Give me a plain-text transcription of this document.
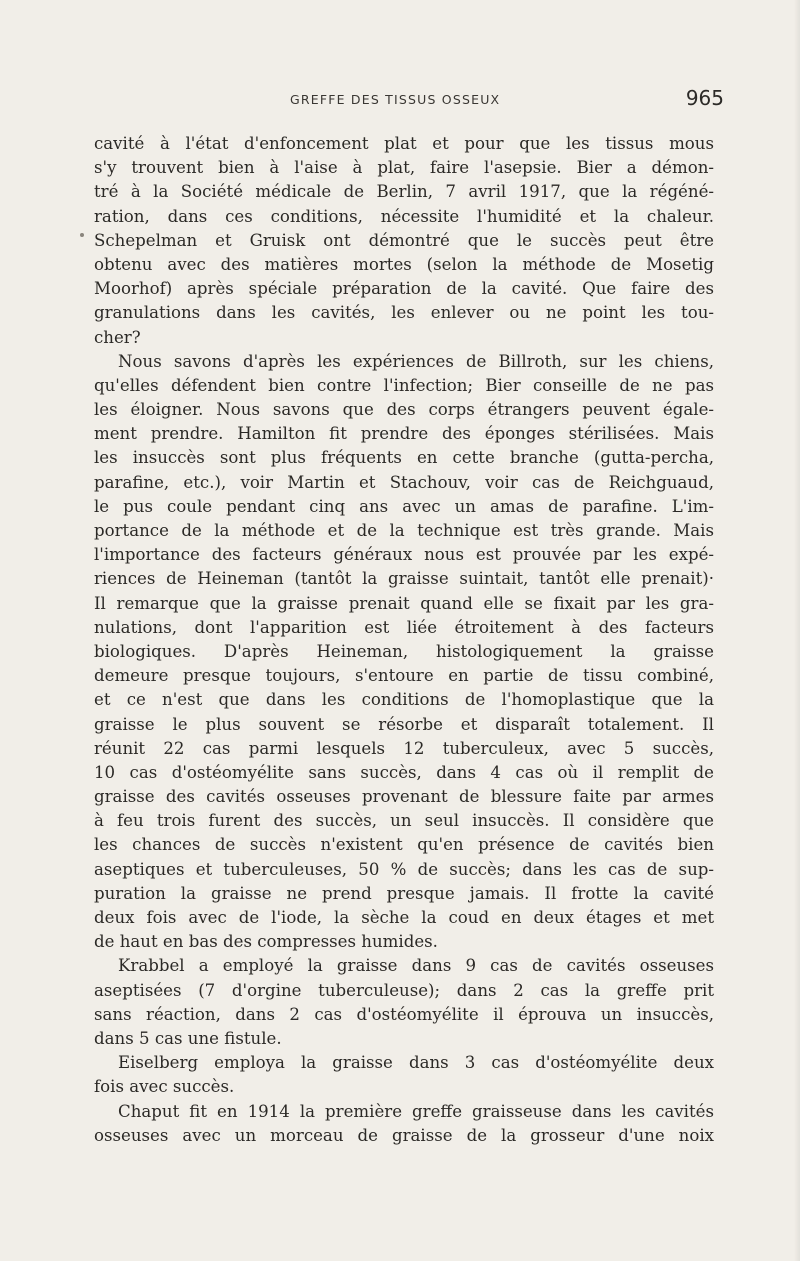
GREFFE DES TISSUS OSSEUX	965
cavité à l'état d'enfoncement plat et pour que les tissus mous
s'y trouvent bien à l'aise à plat, faire l'asepsie. Bier a démon-
tré à la Société médicale de Berlin, 7 avril 1917, que la régéné-
ration, dans ces conditions, nécessite l'humidité et la chaleur.
Schepelman et Gruisk ont démontré que le succès peut être
obtenu avec des matières mortes (selon la méthode de Mosetig
Moorhof) après spéciale préparation de la cavité. Que faire des
granulations dans les cavités, les enlever ou ne point les tou-
cher?
Nous savons d'après les expériences de Billroth, sur les chiens,
qu'elles défendent bien contre l'infection; Bier conseille de ne pas
les éloigner. Nous savons que des corps étrangers peuvent égale-
ment prendre. Hamilton fit prendre des éponges stérilisées. Mais
les insuccès sont plus fréquents en cette branche (gutta-percha,
parafine, etc.), voir Martin et Stachouv, voir cas de Reichguaud,
le pus coule pendant cinq ans avec un amas de parafine. L'im-
portance de la méthode et de la technique est très grande. Mais
l'importance des facteurs généraux nous est prouvée par les expé-
riences de Heineman (tantôt la graisse suintait, tantôt elle prenait)·
Il remarque que la graisse prenait quand elle se fixait par les gra-
nulations, dont l'apparition est liée étroitement à des facteurs
biologiques. D'après Heineman, histologiquement la graisse
demeure presque toujours, s'entoure en partie de tissu combiné,
et ce n'est que dans les conditions de l'homoplastique que la
graisse le plus souvent se résorbe et disparaît totalement. Il
réunit 22 cas parmi lesquels 12 tuberculeux, avec 5 succès,
10 cas d'ostéomyélite sans succès, dans 4 cas où il remplit de
graisse des cavités osseuses provenant de blessure faite par armes
à feu trois furent des succès, un seul insuccès. Il considère que
les chances de succès n'existent qu'en présence de cavités bien
aseptiques et tuberculeuses, 50 % de succès; dans les cas de sup-
puration la graisse ne prend presque jamais. Il frotte la cavité
deux fois avec de l'iode, la sèche la coud en deux étages et met
de haut en bas des compresses humides.
Krabbel a employé la graisse dans 9 cas de cavités osseuses
aseptisées (7 d'orgine tuberculeuse); dans 2 cas la greffe prit
sans réaction, dans 2 cas d'ostéomyélite il éprouva un insuccès,
dans 5 cas une fistule.
Eiselberg employa la graisse dans 3 cas d'ostéomyélite deux
fois avec succès.
Chaput fit en 1914 la première greffe graisseuse dans les cavités
osseuses avec un morceau de graisse de la grosseur d'une noix
